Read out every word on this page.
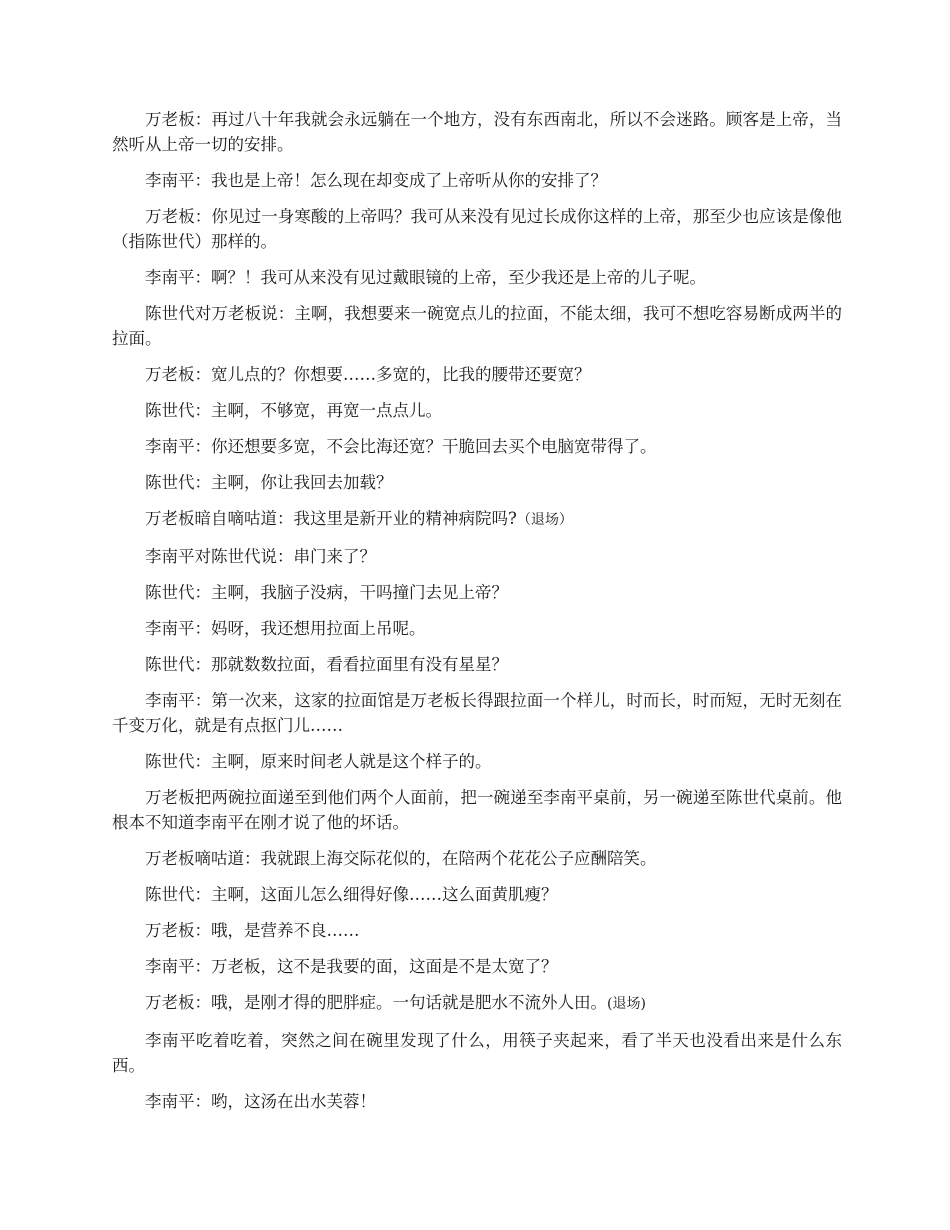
万老板：再过八十年我就会永远躺在一个地方，没有东西南北，所以不会迷路。顾客是上帝，当然听从上帝一切的安排。

李南平：我也是上帝！怎么现在却变成了上帝听从你的安排了？

万老板：你见过一身寒酸的上帝吗？我可从来没有见过长成你这样的上帝，那至少也应该是像他（指陈世代）那样的。

李南平：啊？！我可从来没有见过戴眼镜的上帝，至少我还是上帝的儿子呢。

陈世代对万老板说：主啊，我想要来一碗宽点儿的拉面，不能太细，我可不想吃容易断成两半的拉面。

万老板：宽儿点的？你想要……多宽的，比我的腰带还要宽？

陈世代：主啊，不够宽，再宽一点点儿。

李南平：你还想要多宽，不会比海还宽？干脆回去买个电脑宽带得了。

陈世代：主啊，你让我回去加载？

万老板暗自嘀咕道：我这里是新开业的精神病院吗?（退场）

李南平对陈世代说：串门来了？

陈世代：主啊，我脑子没病，干吗撞门去见上帝？

李南平：妈呀，我还想用拉面上吊呢。

陈世代：那就数数拉面，看看拉面里有没有星星？

李南平：第一次来，这家的拉面馆是万老板长得跟拉面一个样儿，时而长，时而短，无时无刻在千变万化，就是有点抠门儿……

陈世代：主啊，原来时间老人就是这个样子的。

万老板把两碗拉面递至到他们两个人面前，把一碗递至李南平桌前，另一碗递至陈世代桌前。他根本不知道李南平在刚才说了他的坏话。

万老板嘀咕道：我就跟上海交际花似的，在陪两个花花公子应酬陪笑。

陈世代：主啊，这面儿怎么细得好像……这么面黄肌瘦？

万老板：哦，是营养不良……

李南平：万老板，这不是我要的面，这面是不是太宽了？

万老板：哦，是刚才得的肥胖症。一句话就是肥水不流外人田。(退场)

李南平吃着吃着，突然之间在碗里发现了什么，用筷子夹起来，看了半天也没看出来是什么东西。

李南平：哟，这汤在出水芙蓉！
